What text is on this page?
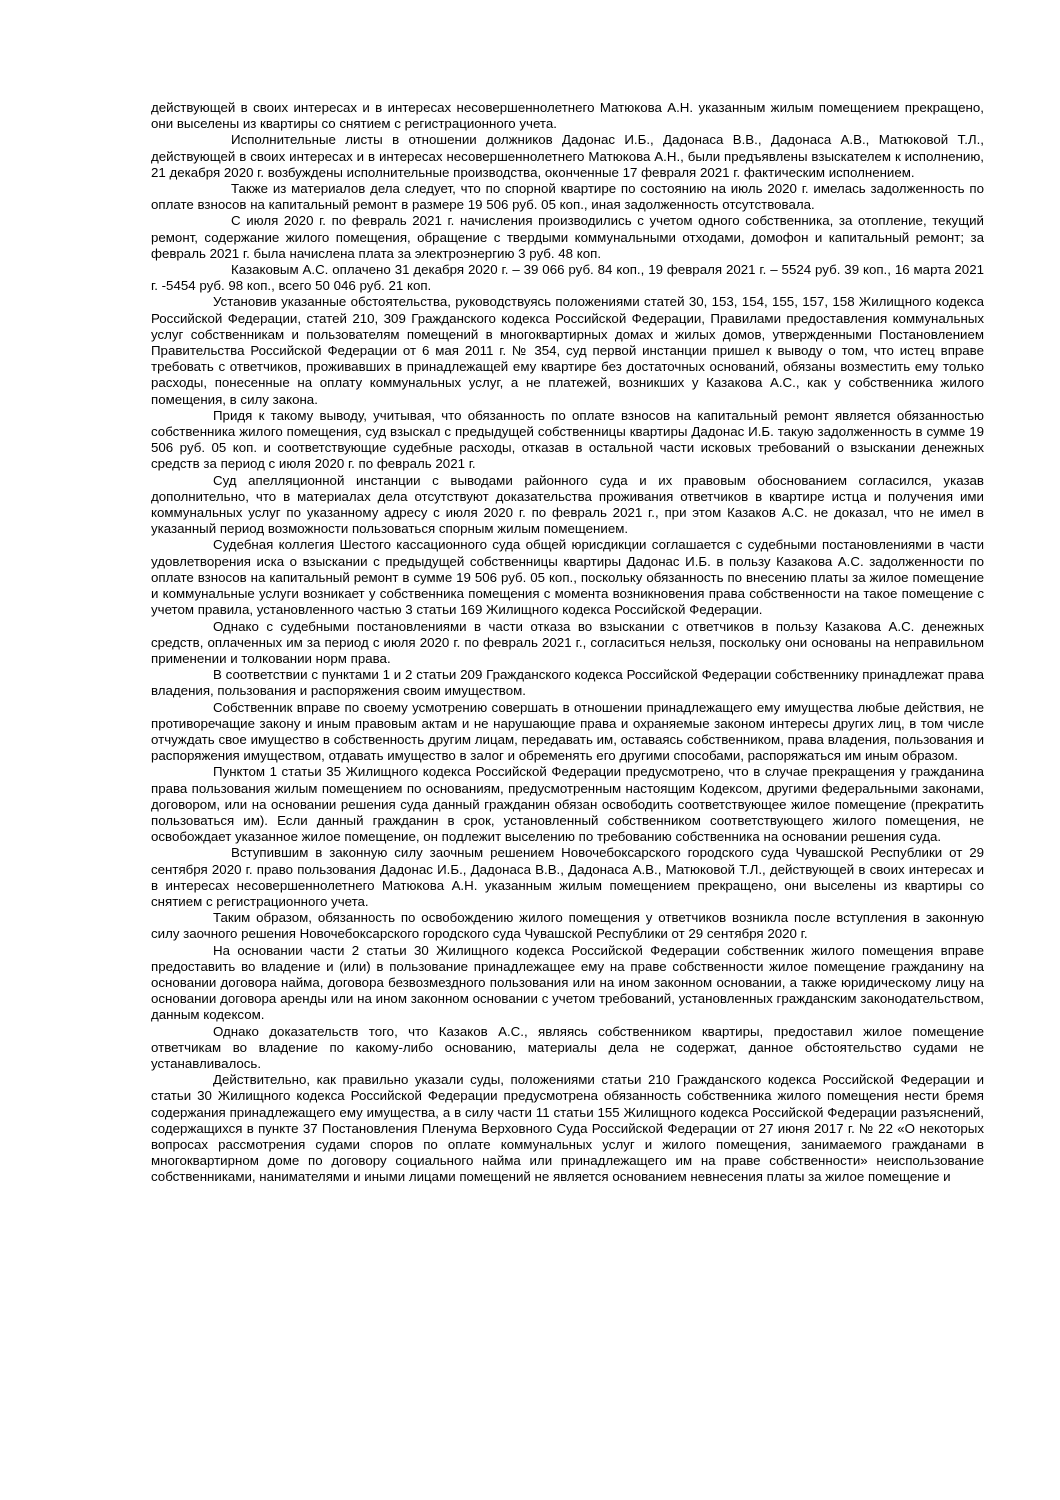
действующей в своих интересах и в интересах несовершеннолетнего Матюкова А.Н. указанным жилым помещением прекращено, они выселены из квартиры со снятием с регистрационного учета.

Исполнительные листы в отношении должников Дадонас И.Б., Дадонаса В.В., Дадонаса А.В., Матюковой Т.Л., действующей в своих интересах и в интересах несовершеннолетнего Матюкова А.Н., были предъявлены взыскателем к исполнению, 21 декабря 2020 г. возбуждены исполнительные производства, оконченные 17 февраля 2021 г. фактическим исполнением.

Также из материалов дела следует, что по спорной квартире по состоянию на июль 2020 г. имелась задолженность по оплате взносов на капитальный ремонт в размере 19 506 руб. 05 коп., иная задолженность отсутствовала.

С июля 2020 г. по февраль 2021 г. начисления производились с учетом одного собственника, за отопление, текущий ремонт, содержание жилого помещения, обращение с твердыми коммунальными отходами, домофон и капитальный ремонт; за февраль 2021 г. была начислена плата за электроэнергию 3 руб. 48 коп.

Казаковым А.С. оплачено 31 декабря 2020 г. – 39 066 руб. 84 коп., 19 февраля 2021 г. – 5524 руб. 39 коп., 16 марта 2021 г. -5454 руб. 98 коп., всего 50 046 руб. 21 коп.

Установив указанные обстоятельства, руководствуясь положениями статей 30, 153, 154, 155, 157, 158 Жилищного кодекса Российской Федерации, статей 210, 309 Гражданского кодекса Российской Федерации, Правилами предоставления коммунальных услуг собственникам и пользователям помещений в многоквартирных домах и жилых домов, утвержденными Постановлением Правительства Российской Федерации от 6 мая 2011 г. № 354, суд первой инстанции пришел к выводу о том, что истец вправе требовать с ответчиков, проживавших в принадлежащей ему квартире без достаточных оснований, обязаны возместить ему только расходы, понесенные на оплату коммунальных услуг, а не платежей, возникших у Казакова А.С., как у собственника жилого помещения, в силу закона.

Придя к такому выводу, учитывая, что обязанность по оплате взносов на капитальный ремонт является обязанностью собственника жилого помещения, суд взыскал с предыдущей собственницы квартиры Дадонас И.Б. такую задолженность в сумме 19 506 руб. 05 коп. и соответствующие судебные расходы, отказав в остальной части исковых требований о взыскании денежных средств за период с июля 2020 г. по февраль 2021 г.

Суд апелляционной инстанции с выводами районного суда и их правовым обоснованием согласился, указав дополнительно, что в материалах дела отсутствуют доказательства проживания ответчиков в квартире истца и получения ими коммунальных услуг по указанному адресу с июля 2020 г. по февраль 2021 г., при этом Казаков А.С. не доказал, что не имел в указанный период возможности пользоваться спорным жилым помещением.

Судебная коллегия Шестого кассационного суда общей юрисдикции соглашается с судебными постановлениями в части удовлетворения иска о взыскании с предыдущей собственницы квартиры Дадонас И.Б. в пользу Казакова А.С. задолженности по оплате взносов на капитальный ремонт в сумме 19 506 руб. 05 коп., поскольку обязанность по внесению платы за жилое помещение и коммунальные услуги возникает у собственника помещения с момента возникновения права собственности на такое помещение с учетом правила, установленного частью 3 статьи 169 Жилищного кодекса Российской Федерации.

Однако с судебными постановлениями в части отказа во взыскании с ответчиков в пользу Казакова А.С. денежных средств, оплаченных им за период с июля 2020 г. по февраль 2021 г., согласиться нельзя, поскольку они основаны на неправильном применении и толковании норм права.

В соответствии с пунктами 1 и 2 статьи 209 Гражданского кодекса Российской Федерации собственнику принадлежат права владения, пользования и распоряжения своим имуществом.

Собственник вправе по своему усмотрению совершать в отношении принадлежащего ему имущества любые действия, не противоречащие закону и иным правовым актам и не нарушающие права и охраняемые законом интересы других лиц, в том числе отчуждать свое имущество в собственность другим лицам, передавать им, оставаясь собственником, права владения, пользования и распоряжения имуществом, отдавать имущество в залог и обременять его другими способами, распоряжаться им иным образом.

Пунктом 1 статьи 35 Жилищного кодекса Российской Федерации предусмотрено, что в случае прекращения у гражданина права пользования жилым помещением по основаниям, предусмотренным настоящим Кодексом, другими федеральными законами, договором, или на основании решения суда данный гражданин обязан освободить соответствующее жилое помещение (прекратить пользоваться им). Если данный гражданин в срок, установленный собственником соответствующего жилого помещения, не освобождает указанное жилое помещение, он подлежит выселению по требованию собственника на основании решения суда.

Вступившим в законную силу заочным решением Новочебоксарского городского суда Чувашской Республики от 29 сентября 2020 г. право пользования Дадонас И.Б., Дадонаса В.В., Дадонаса А.В., Матюковой Т.Л., действующей в своих интересах и в интересах несовершеннолетнего Матюкова А.Н. указанным жилым помещением прекращено, они выселены из квартиры со снятием с регистрационного учета.

Таким образом, обязанность по освобождению жилого помещения у ответчиков возникла после вступления в законную силу заочного решения Новочебоксарского городского суда Чувашской Республики от 29 сентября 2020 г.

На основании части 2 статьи 30 Жилищного кодекса Российской Федерации собственник жилого помещения вправе предоставить во владение и (или) в пользование принадлежащее ему на праве собственности жилое помещение гражданину на основании договора найма, договора безвозмездного пользования или на ином законном основании, а также юридическому лицу на основании договора аренды или на ином законном основании с учетом требований, установленных гражданским законодательством, данным кодексом.

Однако доказательств того, что Казаков А.С., являясь собственником квартиры, предоставил жилое помещение ответчикам во владение по какому-либо основанию, материалы дела не содержат, данное обстоятельство судами не устанавливалось.

Действительно, как правильно указали суды, положениями статьи 210 Гражданского кодекса Российской Федерации и статьи 30 Жилищного кодекса Российской Федерации предусмотрена обязанность собственника жилого помещения нести бремя содержания принадлежащего ему имущества, а в силу части 11 статьи 155 Жилищного кодекса Российской Федерации разъяснений, содержащихся в пункте 37 Постановления Пленума Верховного Суда Российской Федерации от 27 июня 2017 г. № 22 «О некоторых вопросах рассмотрения судами споров по оплате коммунальных услуг и жилого помещения, занимаемого гражданами в многоквартирном доме по договору социального найма или принадлежащего им на праве собственности» неиспользование собственниками, нанимателями и иными лицами помещений не является основанием невнесения платы за жилое помещение и
